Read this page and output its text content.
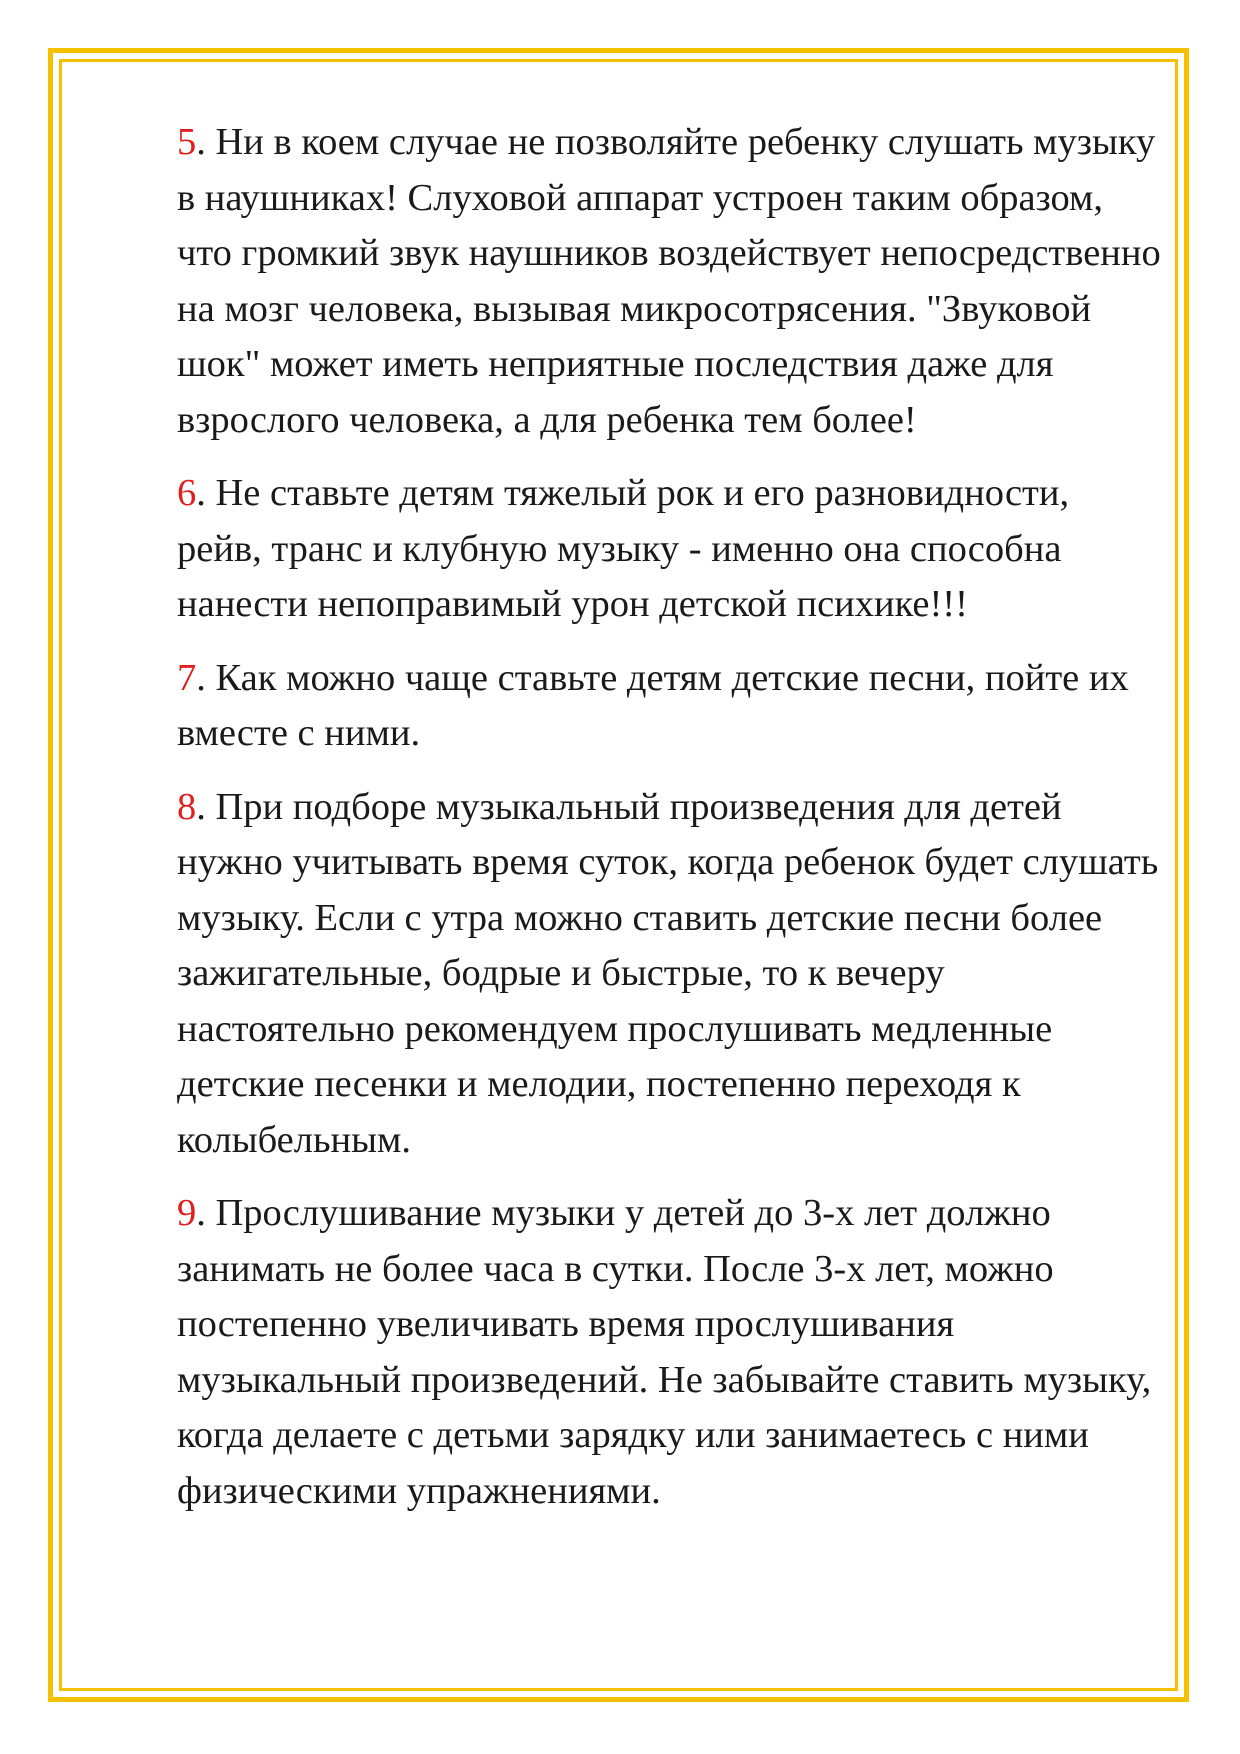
5. Ни в коем случае не позволяйте ребенку слушать музыку в наушниках! Слуховой аппарат устроен таким образом, что громкий звук наушников воздействует непосредственно на мозг человека, вызывая микросотрясения. "Звуковой шок" может иметь неприятные последствия даже для взрослого человека, а для ребенка тем более!

6. Не ставьте детям тяжелый рок и его разновидности, рейв, транс и клубную музыку - именно она способна нанести непоправимый урон детской психике!!!

7. Как можно чаще ставьте детям детские песни, пойте их вместе с ними.

8. При подборе музыкальный произведения для детей нужно учитывать время суток, когда ребенок будет слушать музыку. Если с утра можно ставить детские песни более зажигательные, бодрые и быстрые, то к вечеру настоятельно рекомендуем прослушивать медленные детские песенки и мелодии, постепенно переходя к колыбельным.

9. Прослушивание музыки у детей до 3-х лет должно занимать не более часа в сутки. После 3-х лет, можно постепенно увеличивать время прослушивания музыкальный произведений. Не забывайте ставить музыку, когда делаете с детьми зарядку или занимаетесь с ними физическими упражнениями.
